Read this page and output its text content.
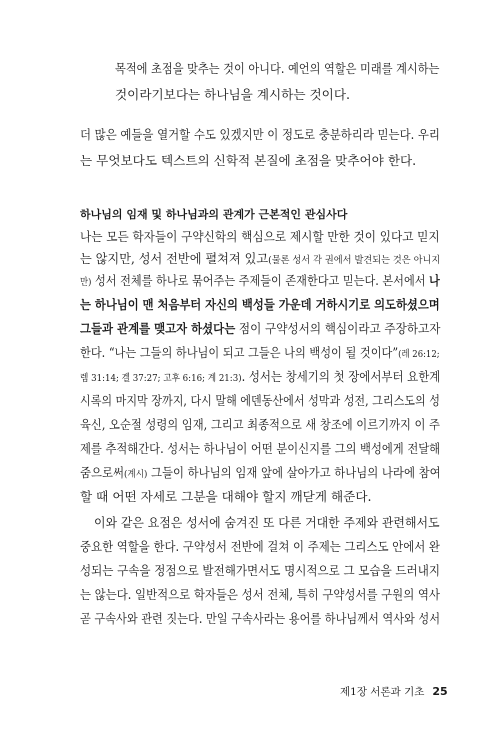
목적에 초점을 맞추는 것이 아니다. 예언의 역할은 미래를 계시하는
것이라기보다는 하나님을 계시하는 것이다.
더 많은 예들을 열거할 수도 있겠지만 이 정도로 충분하리라 믿는다. 우리
는 무엇보다도 텍스트의 신학적 본질에 초점을 맞추어야 한다.
하나님의 임재 및 하나님과의 관계가 근본적인 관심사다
나는 모든 학자들이 구약신학의 핵심으로 제시할 만한 것이 있다고 믿지
는 않지만, 성서 전반에 펼쳐져 있고(물론 성서 각 권에서 발견되는 것은 아니지
만) 성서 전체를 하나로 묶어주는 주제들이 존재한다고 믿는다. 본서에서 나
는 하나님이 맨 처음부터 자신의 백성들 가운데 거하시기로 의도하셨으며
그들과 관계를 맺고자 하셨다는 점이 구약성서의 핵심이라고 주장하고자
한다. “나는 그들의 하나님이 되고 그들은 나의 백성이 될 것이다”(레 26:12;
렘 31:14; 겔 37:27; 고후 6:16; 계 21:3). 성서는 창세기의 첫 장에서부터 요한계
시록의 마지막 장까지, 다시 말해 에덴동산에서 성막과 성전, 그리스도의 성
육신, 오순절 성령의 임재, 그리고 최종적으로 새 창조에 이르기까지 이 주
제를 추적해간다. 성서는 하나님이 어떤 분이신지를 그의 백성에게 전달해
줌으로써(계시) 그들이 하나님의 임재 앞에 살아가고 하나님의 나라에 참여
할 때 어떤 자세로 그분을 대해야 할지 깨닫게 해준다.
이와 같은 요점은 성서에 숨겨진 또 다른 거대한 주제와 관련해서도
중요한 역할을 한다. 구약성서 전반에 걸쳐 이 주제는 그리스도 안에서 완
성되는 구속을 정점으로 발전해가면서도 명시적으로 그 모습을 드러내지
는 않는다. 일반적으로 학자들은 성서 전체, 특히 구약성서를 구원의 역사
곧 구속사와 관련 짓는다. 만일 구속사라는 용어를 하나님께서 역사와 성서
제1장 서론과 기초 25
